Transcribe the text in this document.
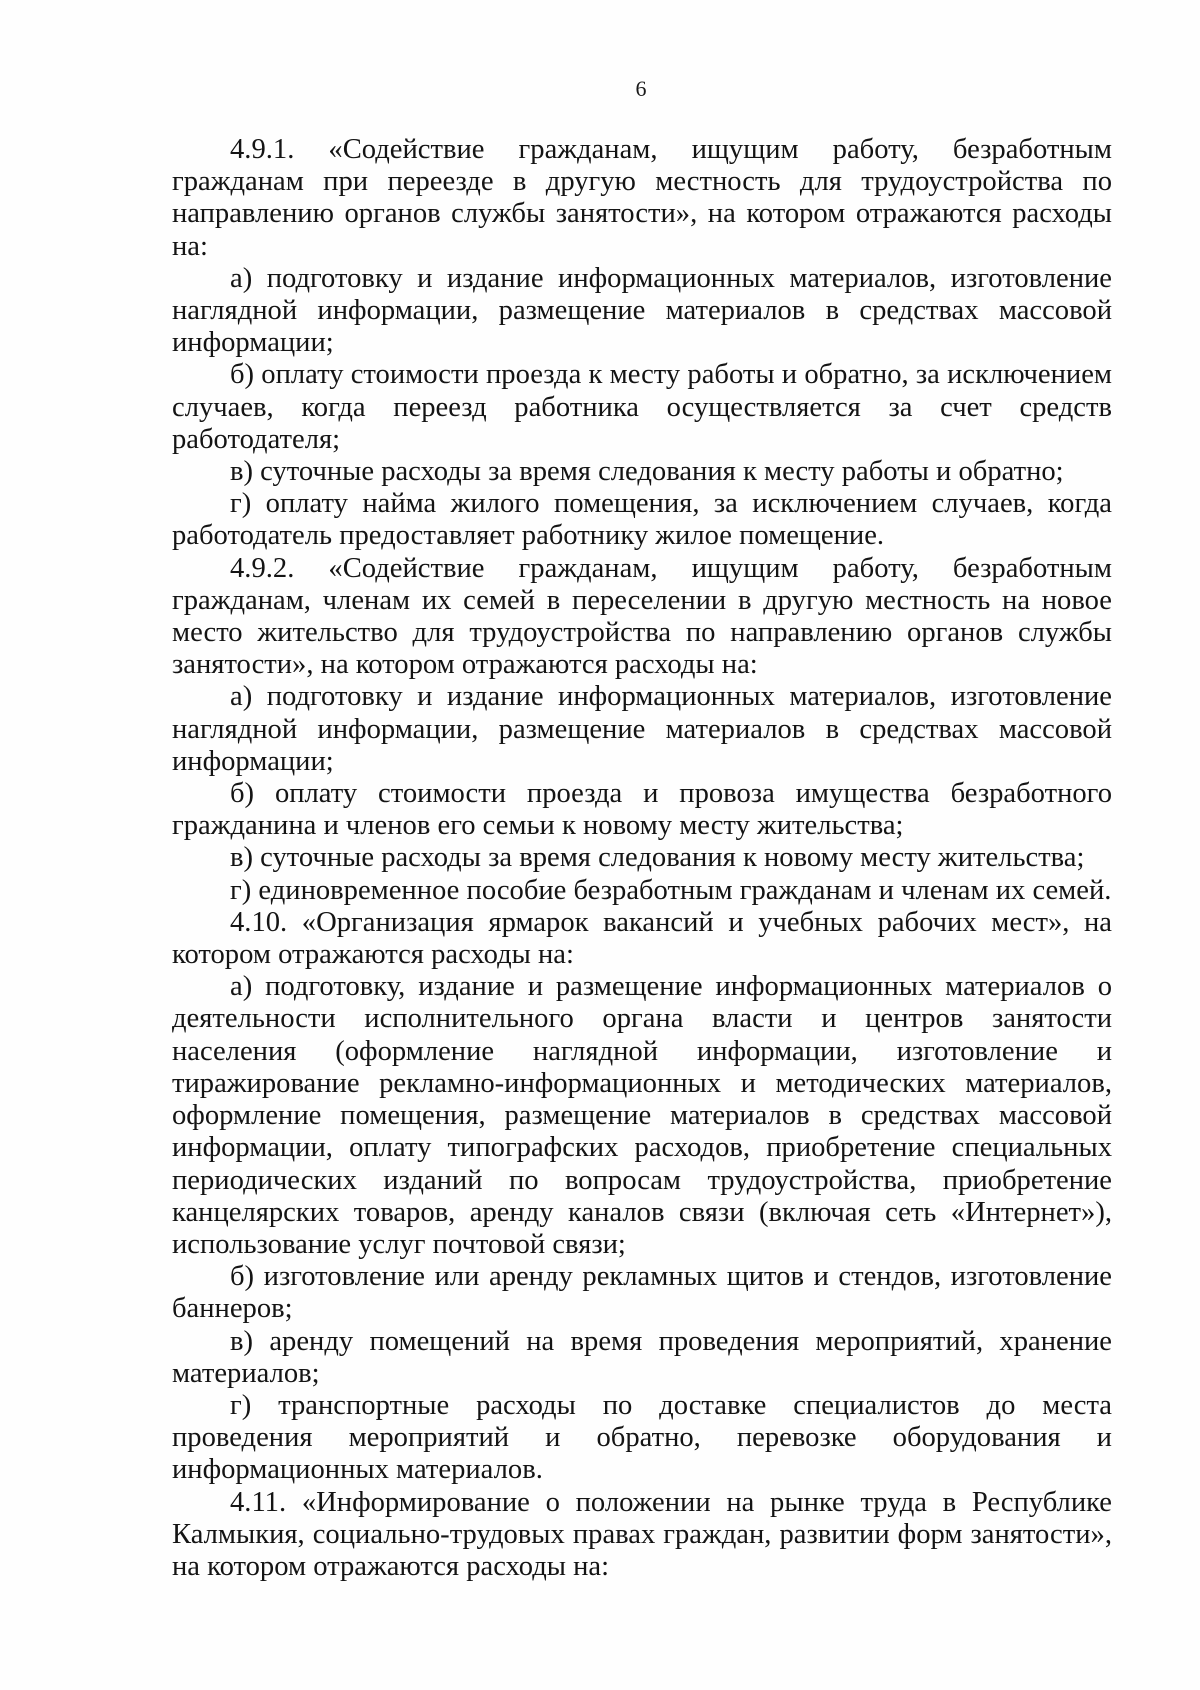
6

4.9.1. «Содействие гражданам, ищущим работу, безработным гражданам при переезде в другую местность для трудоустройства по направлению органов службы занятости», на котором отражаются расходы на:

а) подготовку и издание информационных материалов, изготовление наглядной информации, размещение материалов в средствах массовой информации;

б) оплату стоимости проезда к месту работы и обратно, за исключением случаев, когда переезд работника осуществляется за счет средств работодателя;

в) суточные расходы за время следования к месту работы и обратно;

г) оплату найма жилого помещения, за исключением случаев, когда работодатель предоставляет работнику жилое помещение.

4.9.2. «Содействие гражданам, ищущим работу, безработным гражданам, членам их семей в переселении в другую местность на новое место жительство для трудоустройства по направлению органов службы занятости», на котором отражаются расходы на:

а) подготовку и издание информационных материалов, изготовление наглядной информации, размещение материалов в средствах массовой информации;

б) оплату стоимости проезда и провоза имущества безработного гражданина и членов его семьи к новому месту жительства;

в) суточные расходы за время следования к новому месту жительства;

г) единовременное пособие безработным гражданам и членам их семей.

4.10. «Организация ярмарок вакансий и учебных рабочих мест», на котором отражаются расходы на:

а) подготовку, издание и размещение информационных материалов о деятельности исполнительного органа власти и центров занятости населения (оформление наглядной информации, изготовление и тиражирование рекламно-информационных и методических материалов, оформление помещения, размещение материалов в средствах массовой информации, оплату типографских расходов, приобретение специальных периодических изданий по вопросам трудоустройства, приобретение канцелярских товаров, аренду каналов связи (включая сеть «Интернет»), использование услуг почтовой связи;

б) изготовление или аренду рекламных щитов и стендов, изготовление баннеров;

в) аренду помещений на время проведения мероприятий, хранение материалов;

г) транспортные расходы по доставке специалистов до места проведения мероприятий и обратно, перевозке оборудования и информационных материалов.

4.11. «Информирование о положении на рынке труда в Республике Калмыкия, социально-трудовых правах граждан, развитии форм занятости», на котором отражаются расходы на:
